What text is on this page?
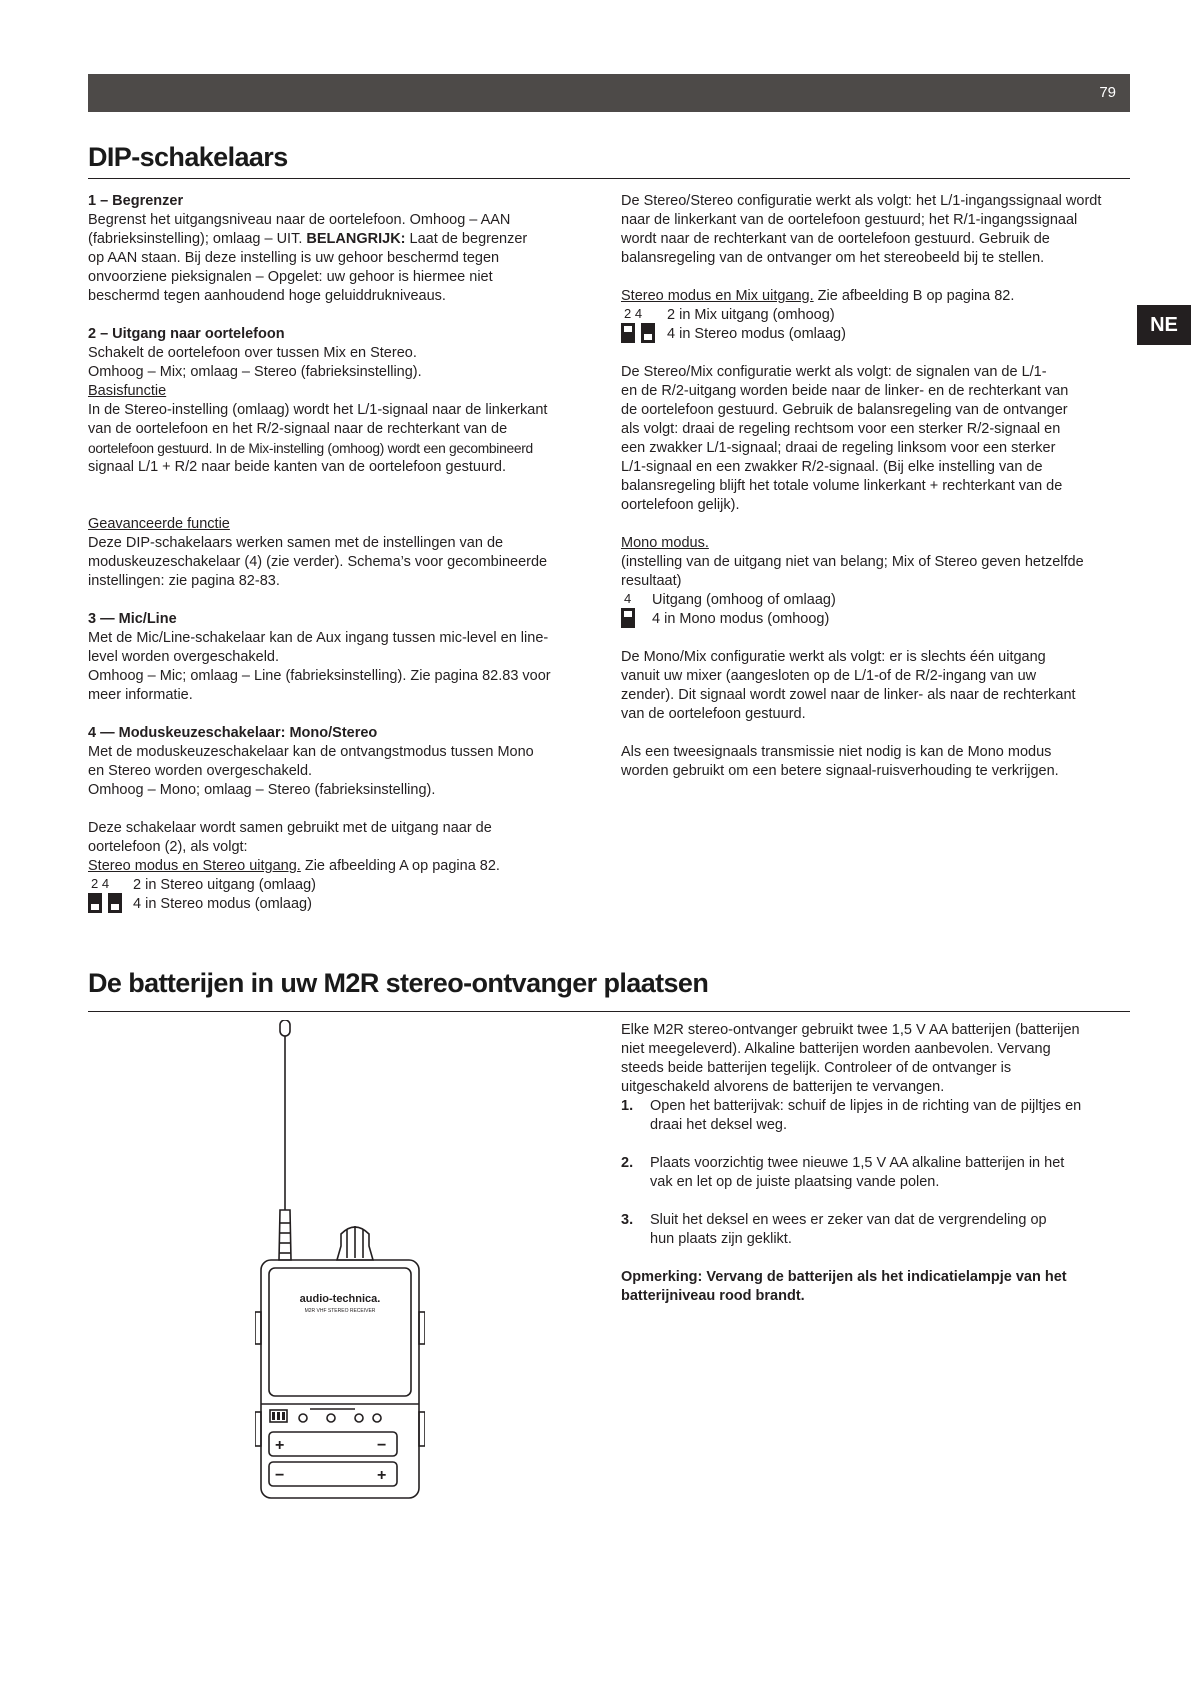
79
NE
DIP-schakelaars

1 – Begrenzer

Begrenst het uitgangsniveau naar de oortelefoon. Omhoog – AAN

(fabrieksinstelling); omlaag – UIT. BELANGRIJK: Laat de begrenzer

op AAN staan. Bij deze instelling is uw gehoor beschermd tegen

onvoorziene pieksignalen – Opgelet: uw gehoor is hiermee niet

beschermd tegen aanhoudend hoge geluiddrukniveaus.

2 – Uitgang naar oortelefoon

Schakelt de oortelefoon over tussen Mix en Stereo.

Omhoog – Mix; omlaag – Stereo (fabrieksinstelling).

Basisfunctie

In de Stereo-instelling (omlaag) wordt het L/1-signaal naar de linkerkant

van de oortelefoon en het R/2-signaal naar de rechterkant van de

oortelefoon gestuurd. In de Mix-instelling (omhoog) wordt een gecombineerd

signaal L/1 + R/2 naar beide kanten van de oortelefoon gestuurd.

Geavanceerde functie

Deze DIP-schakelaars werken samen met de instellingen van de

moduskeuzeschakelaar (4) (zie verder). Schema’s voor gecombineerde

instellingen: zie pagina 82-83.

3 — Mic/Line

Met de Mic/Line-schakelaar kan de Aux ingang tussen mic-level en line-

level worden overgeschakeld.

Omhoog – Mic; omlaag – Line (fabrieksinstelling). Zie pagina 82.83 voor

meer informatie.

4 — Moduskeuzeschakelaar: Mono/Stereo

Met de moduskeuzeschakelaar kan de ontvangstmodus tussen Mono

en Stereo worden overgeschakeld.

Omhoog – Mono; omlaag – Stereo (fabrieksinstelling).

Deze schakelaar wordt samen gebruikt met de uitgang naar de

oortelefoon (2), als volgt:

Stereo modus en Stereo uitgang. Zie afbeelding A op pagina 82.

2 4 2 in Stereo uitgang (omlaag)
4 in Stereo modus (omlaag)

De Stereo/Stereo configuratie werkt als volgt: het L/1-ingangssignaal wordt

naar de linkerkant van de oortelefoon gestuurd; het R/1-ingangssignaal

wordt naar de rechterkant van de oortelefoon gestuurd. Gebruik de

balansregeling van de ontvanger om het stereobeeld bij te stellen.

Stereo modus en Mix uitgang. Zie afbeelding B op pagina 82.

2 4 2 in Mix uitgang (omhoog)
4 in Stereo modus (omlaag)

De Stereo/Mix configuratie werkt als volgt: de signalen van de L/1-

en de R/2-uitgang worden beide naar de linker- en de rechterkant van

de oortelefoon gestuurd. Gebruik de balansregeling van de ontvanger

als volgt: draai de regeling rechtsom voor een sterker R/2-signaal en

een zwakker L/1-signaal; draai de regeling linksom voor een sterker

L/1-signaal en een zwakker R/2-signaal. (Bij elke instelling van de

balansregeling blijft het totale volume linkerkant + rechterkant van de

oortelefoon gelijk).

Mono modus.

(instelling van de uitgang niet van belang; Mix of Stereo geven hetzelfde

resultaat)

4 Uitgang (omhoog of omlaag)
4 in Mono modus (omhoog)

De Mono/Mix configuratie werkt als volgt: er is slechts één uitgang

vanuit uw mixer (aangesloten op de L/1-of de R/2-ingang van uw

zender). Dit signaal wordt zowel naar de linker- als naar de rechterkant

van de oortelefoon gestuurd.

Als een tweesignaals transmissie niet nodig is kan de Mono modus

worden gebruikt om een betere signaal-ruisverhouding te verkrijgen.

De batterijen in uw M2R stereo-ontvanger plaatsen

Elke M2R stereo-ontvanger gebruikt twee 1,5 V AA batterijen (batterijen

niet meegeleverd). Alkaline batterijen worden aanbevolen. Vervang

steeds beide batterijen tegelijk. Controleer of de ontvanger is

uitgeschakeld alvorens de batterijen te vervangen.

1. Open het batterijvak: schuif de lipjes in de richting van de pijltjes en

draai het deksel weg.

2. Plaats voorzichtig twee nieuwe 1,5 V AA alkaline batterijen in het

vak en let op de juiste plaatsing vande polen.

3. Sluit het deksel en wees er zeker van dat de vergrendeling op

hun plaats zijn geklikt.

Opmerking: Vervang de batterijen als het indicatielampje van het

batterijniveau rood brandt.

audio-technica.
M2R VHF STEREO RECEIVER
+	−
−	+
